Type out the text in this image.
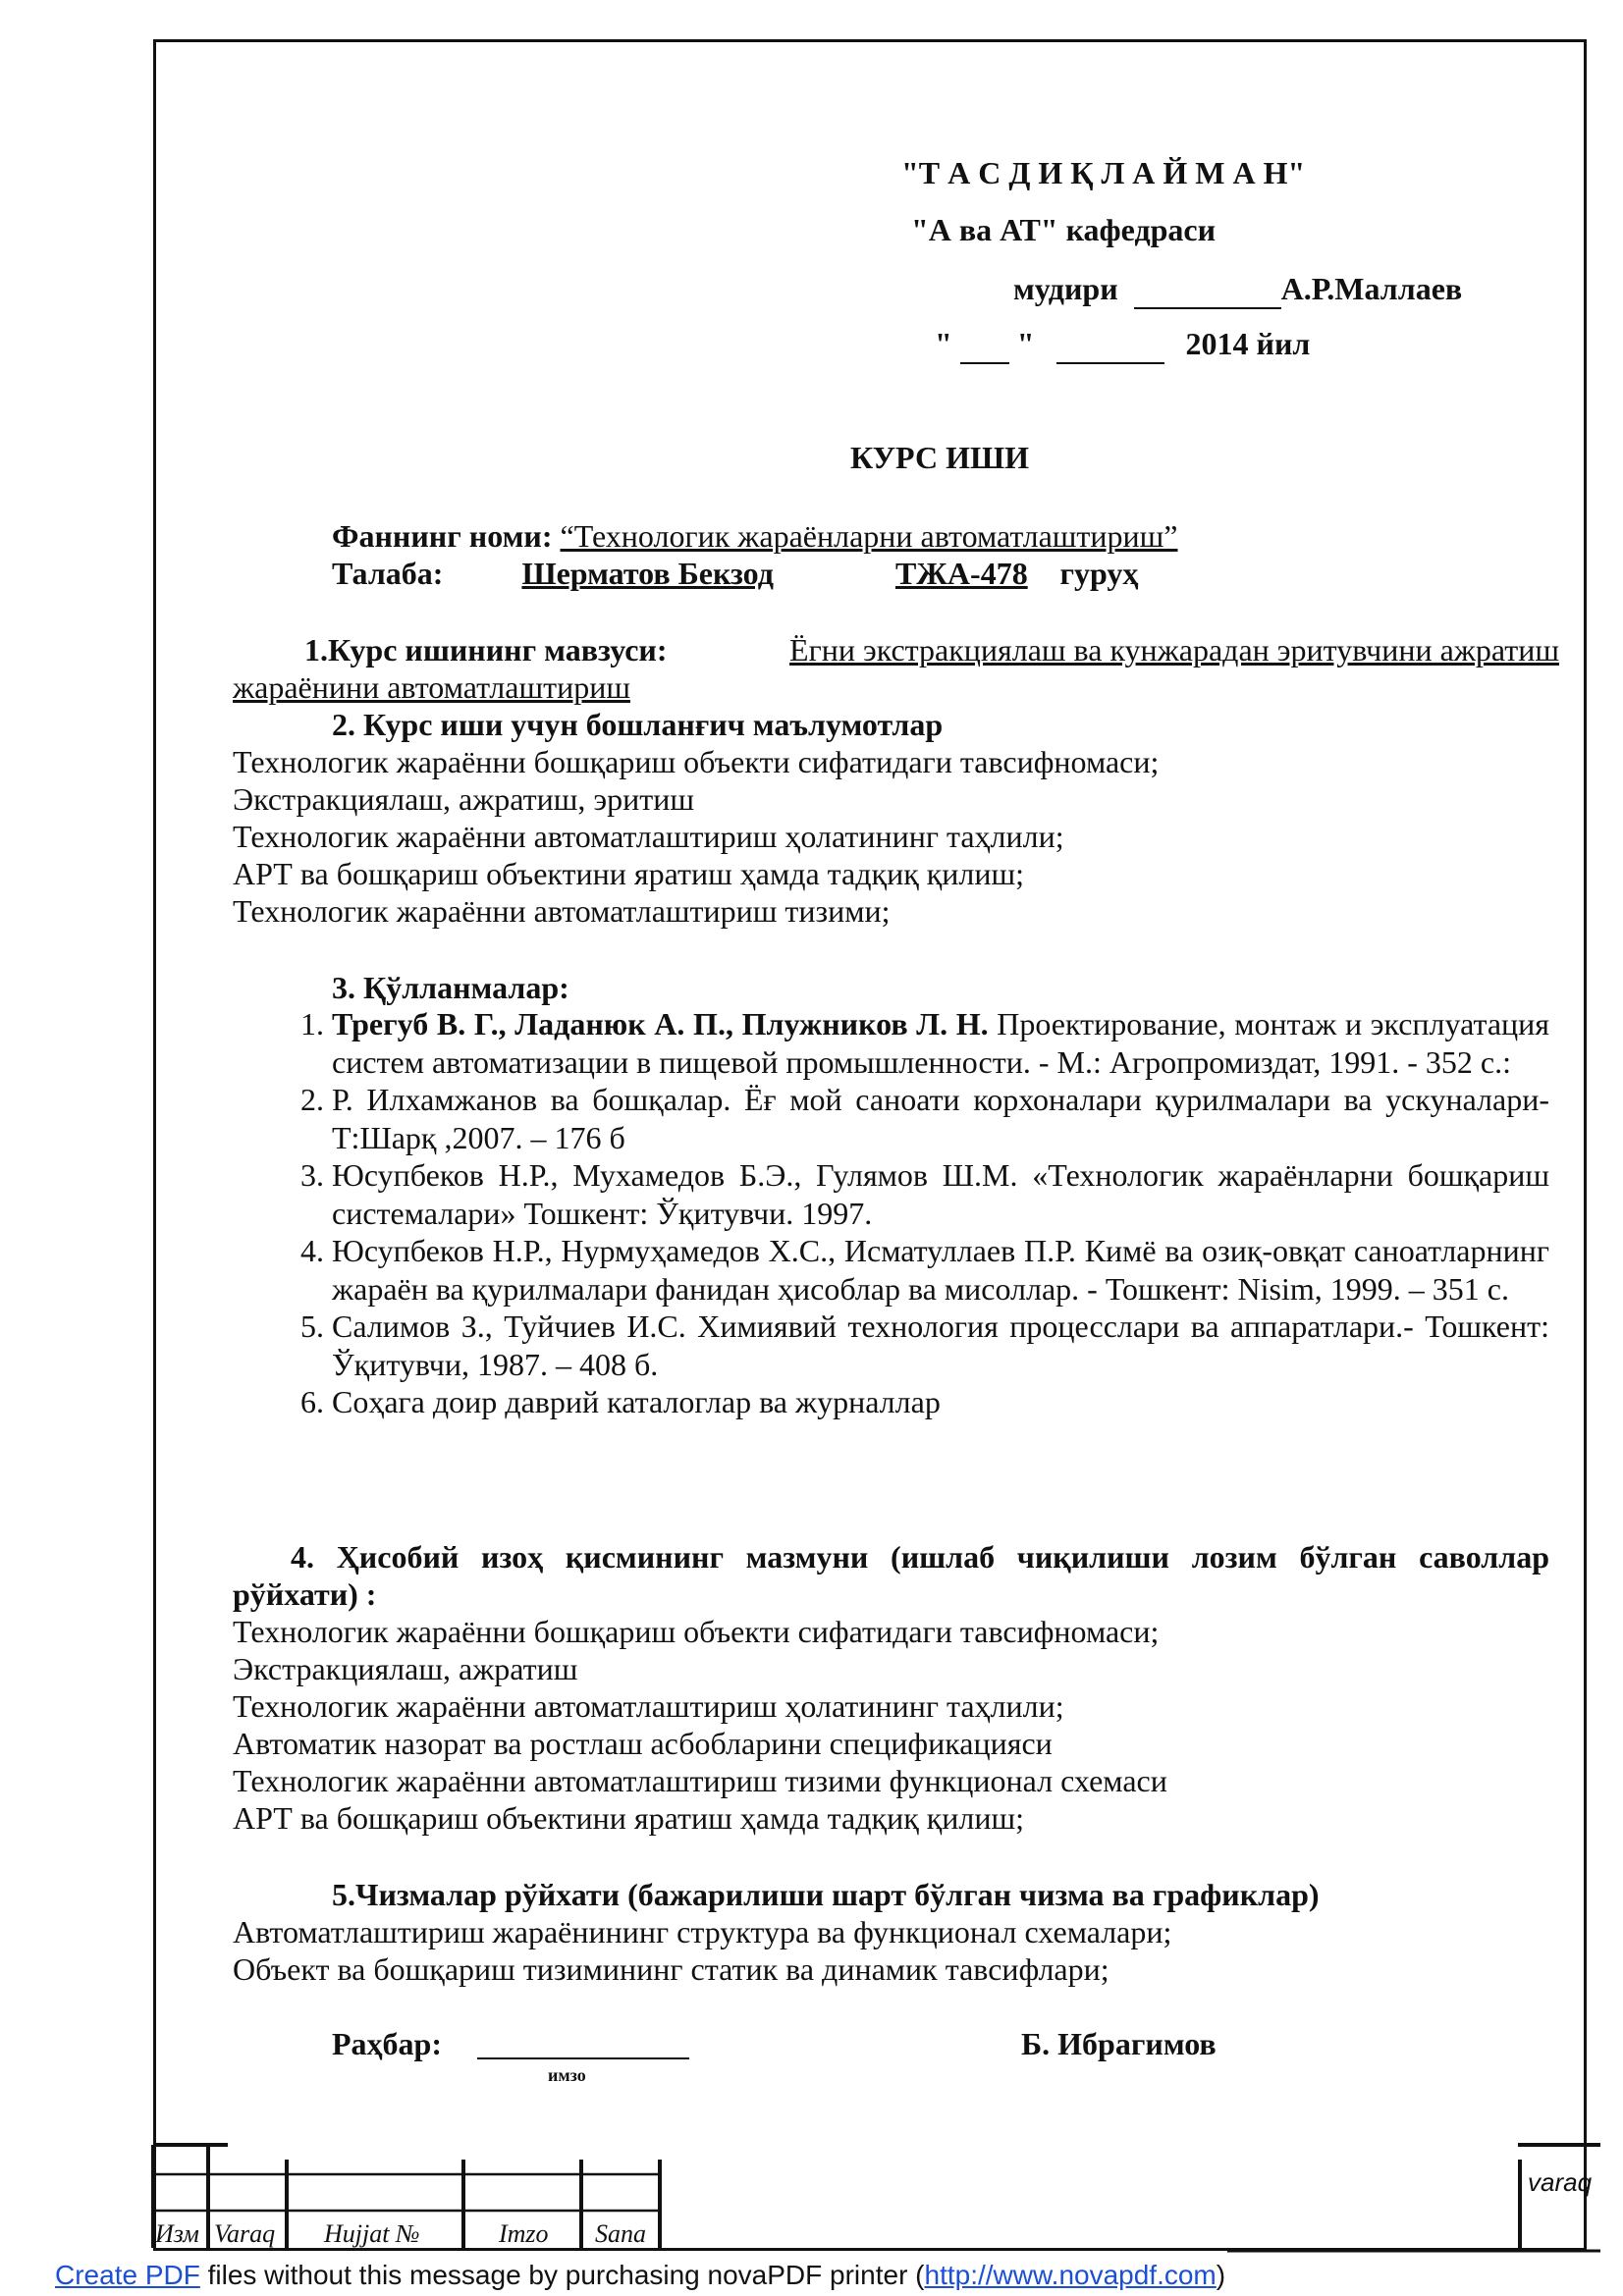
"Т А С Д И Қ Л А Й М А Н"
"А ва АТ" кафедраси
мудири	А.Р.Маллаев
" "	2014 йил
КУРС ИШИ
Фаннинг номи: “Технологик жараёнларни автоматлаштириш”
Талаба:	Шерматов Бекзод	ТЖА-478 гуруҳ
1.Курс ишининг мавзуси:	Ёгни экстракциялаш ва кунжарадан эритувчини ажратиш
жараёнини автоматлаштириш
2. Курс иши учун бошланғич маълумотлар
Технологик жараённи бошқариш объекти сифатидаги тавсифномаси;
Экстракциялаш, ажратиш, эритиш
Технологик жараённи автоматлаштириш ҳолатининг таҳлили;
АРТ ва бошқариш объектини яратиш ҳамда тадқиқ қилиш;
Технологик жараённи автоматлаштириш тизими;
3. Қўлланмалар:
1. Трегуб В. Г., Ладанюк А. П., Плужников Л. Н. Проектирование, монтаж и эксплуатация систем автоматизации в пищевой промышленности. - М.: Агропромиздат, 1991. - 352 с.:
2. Р. Илхамжанов ва бошқалар. Ёғ мой саноати корхоналари қурилмалари ва ускуналари- Т:Шарқ ,2007. – 176 б
3. Юсупбеков Н.Р., Мухамедов Б.Э., Гулямов Ш.М. «Технологик жараёнларни бошқариш системалари» Тошкент: Ўқитувчи. 1997.
4. Юсупбеков Н.Р., Нурмуҳамедов Х.С., Исматуллаев П.Р. Кимё ва озиқ-овқат саноатларнинг жараён ва қурилмалари фанидан ҳисоблар ва мисоллар. - Тошкент: Nisim, 1999. – 351 с.
5. Салимов З., Туйчиев И.С. Химиявий технология процесслари ва аппаратлари.- Тошкент: Ўқитувчи, 1987. – 408 б.
6. Соҳага доир даврий каталоглар ва журналлар
4. Ҳисобий изоҳ қисмининг мазмуни (ишлаб чиқилиши лозим бўлган саволлар
рўйхати) :
Технологик жараённи бошқариш объекти сифатидаги тавсифномаси;
Экстракциялаш, ажратиш
Технологик жараённи автоматлаштириш ҳолатининг таҳлили;
Автоматик назорат ва ростлаш асбобларини спецификацияси
Технологик жараённи автоматлаштириш тизими функционал схемаси
АРТ ва бошқариш объектини яратиш ҳамда тадқиқ қилиш;
5.Чизмалар рўйхати (бажарилиши шарт бўлган чизма ва графиклар)
Автоматлаштириш жараёнининг структура ва функционал схемалари;
Объект ва бошқариш тизимининг статик ва динамик тавсифлари;
Раҳбар:
имзо
Б. Ибрагимов
Изм Varaq Hujjat №	Imzo Sana
varaq
Create PDF files without this message by purchasing novaPDF printer (http://www.novapdf.com)
